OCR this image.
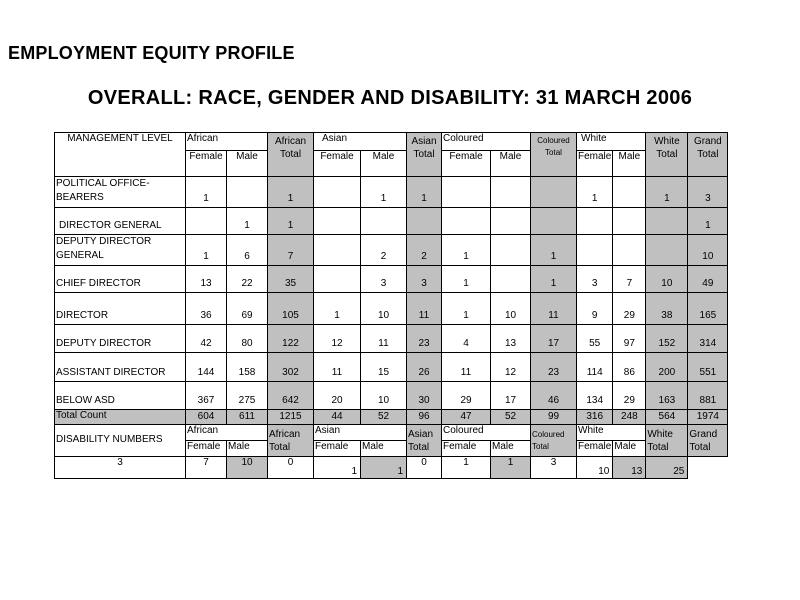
EMPLOYMENT EQUITY PROFILE
OVERALL: RACE, GENDER AND DISABILITY: 31 MARCH 2006
MANAGEMENT LEVEL	African		African Total	Asian		Asian Total	Coloured		Coloured Total	White		White Total	Grand Total
	Female	Male		Female	Male		Female	Male		Female	Male		
POLITICAL OFFICE-BEARERS	1		1		1	1				1		1	3
DIRECTOR GENERAL		1	1										1
DEPUTY DIRECTOR GENERAL	1	6	7		2	2	1		1				10
CHIEF DIRECTOR	13	22	35		3	3	1		1	3	7	10	49
DIRECTOR	36	69	105	1	10	11	1	10	11	9	29	38	165
DEPUTY DIRECTOR	42	80	122	12	11	23	4	13	17	55	97	152	314
ASSISTANT DIRECTOR	144	158	302	11	15	26	11	12	23	114	86	200	551
BELOW ASD	367	275	642	20	10	30	29	17	46	134	29	163	881
Total Count	604	611	1215	44	52	96	47	52	99	316	248	564	1974
DISABILITY NUMBERS	African		African Total	Asian		Asian Total	Coloured		Coloured Total	White		White Total	Grand Total
	Female	Male		Female	Male		Female	Male		Female	Male		
3	7	10	0	1	1	0	1	1	3	10	13	25	
